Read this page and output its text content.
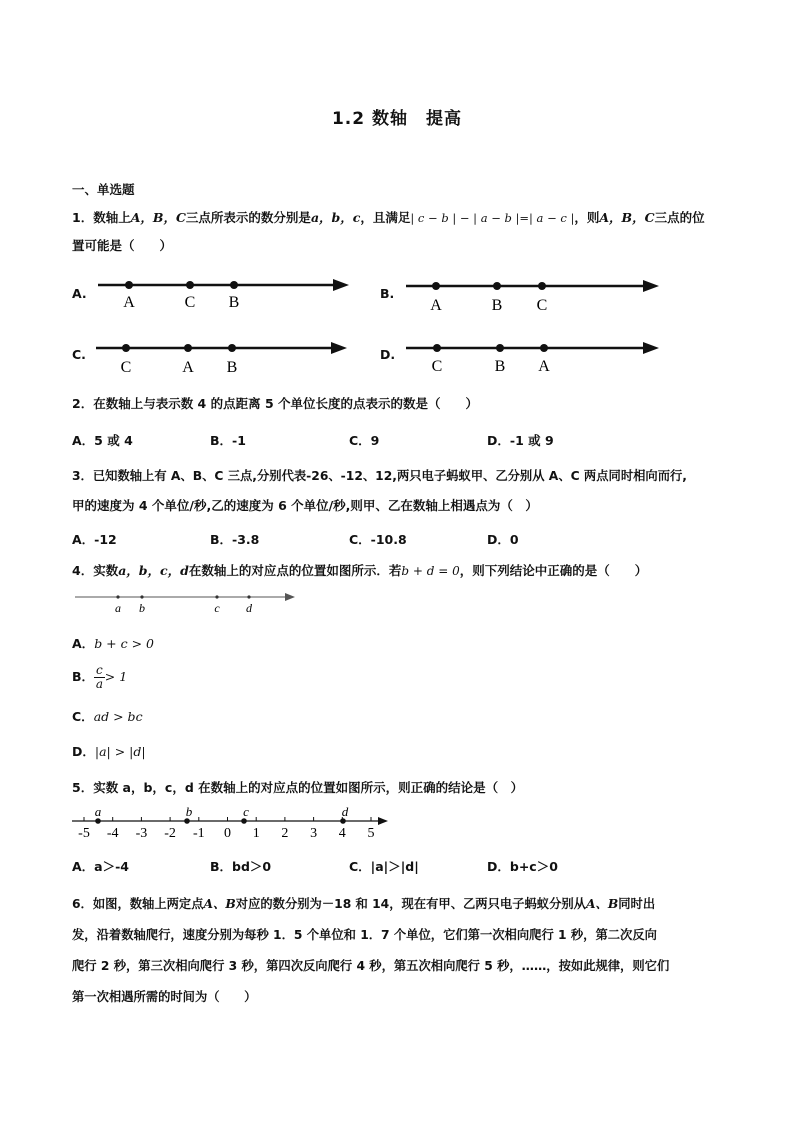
1.2 数轴　提高
一、单选题
1．数轴上A，B，C三点所表示的数分别是a，b，c，且满足| c − b | − | a − b |=| a − c |，则A，B，C三点的位
置可能是（　　）
A.
A	C B
B.
A	B C
C.
C	A B
D.
C	B A
2．在数轴上与表示数 4 的点距离 5 个单位长度的点表示的数是（　　）
A．5 或 4	B．-1	C．9	D．-1 或 9
3．已知数轴上有 A、B、C 三点,分别代表-26、-12、12,两只电子蚂蚁甲、乙分别从 A、C 两点同时相向而行,
甲的速度为 4 个单位/秒,乙的速度为 6 个单位/秒,则甲、乙在数轴上相遇点为（　）
A．-12	B．-3.8	C．-10.8	D．0
4．实数a，b，c，d在数轴上的对应点的位置如图所示．若b + d = 0，则下列结论中正确的是（　　）
a b	c d
A．b + c > 0
B． $\frac{c}{a} > 1$
C．ad > bc
D．|a| > |d|
5．实数 a，b，c，d 在数轴上的对应点的位置如图所示，则正确的结论是（　）
-5 -4 -3 -2 -1 0 1 2 3 4 5
a	b	c	d
A．a＞-4	B．bd＞0	C．|a|＞|d|	D．b+c＞0
6．如图，数轴上两定点A、B对应的数分别为－18 和 14，现在有甲、乙两只电子蚂蚁分别从A、B同时出
发，沿着数轴爬行，速度分别为每秒 1．5 个单位和 1．7 个单位，它们第一次相向爬行 1 秒，第二次反向
爬行 2 秒，第三次相向爬行 3 秒，第四次反向爬行 4 秒，第五次相向爬行 5 秒，……，按如此规律，则它们
第一次相遇所需的时间为（　　）
